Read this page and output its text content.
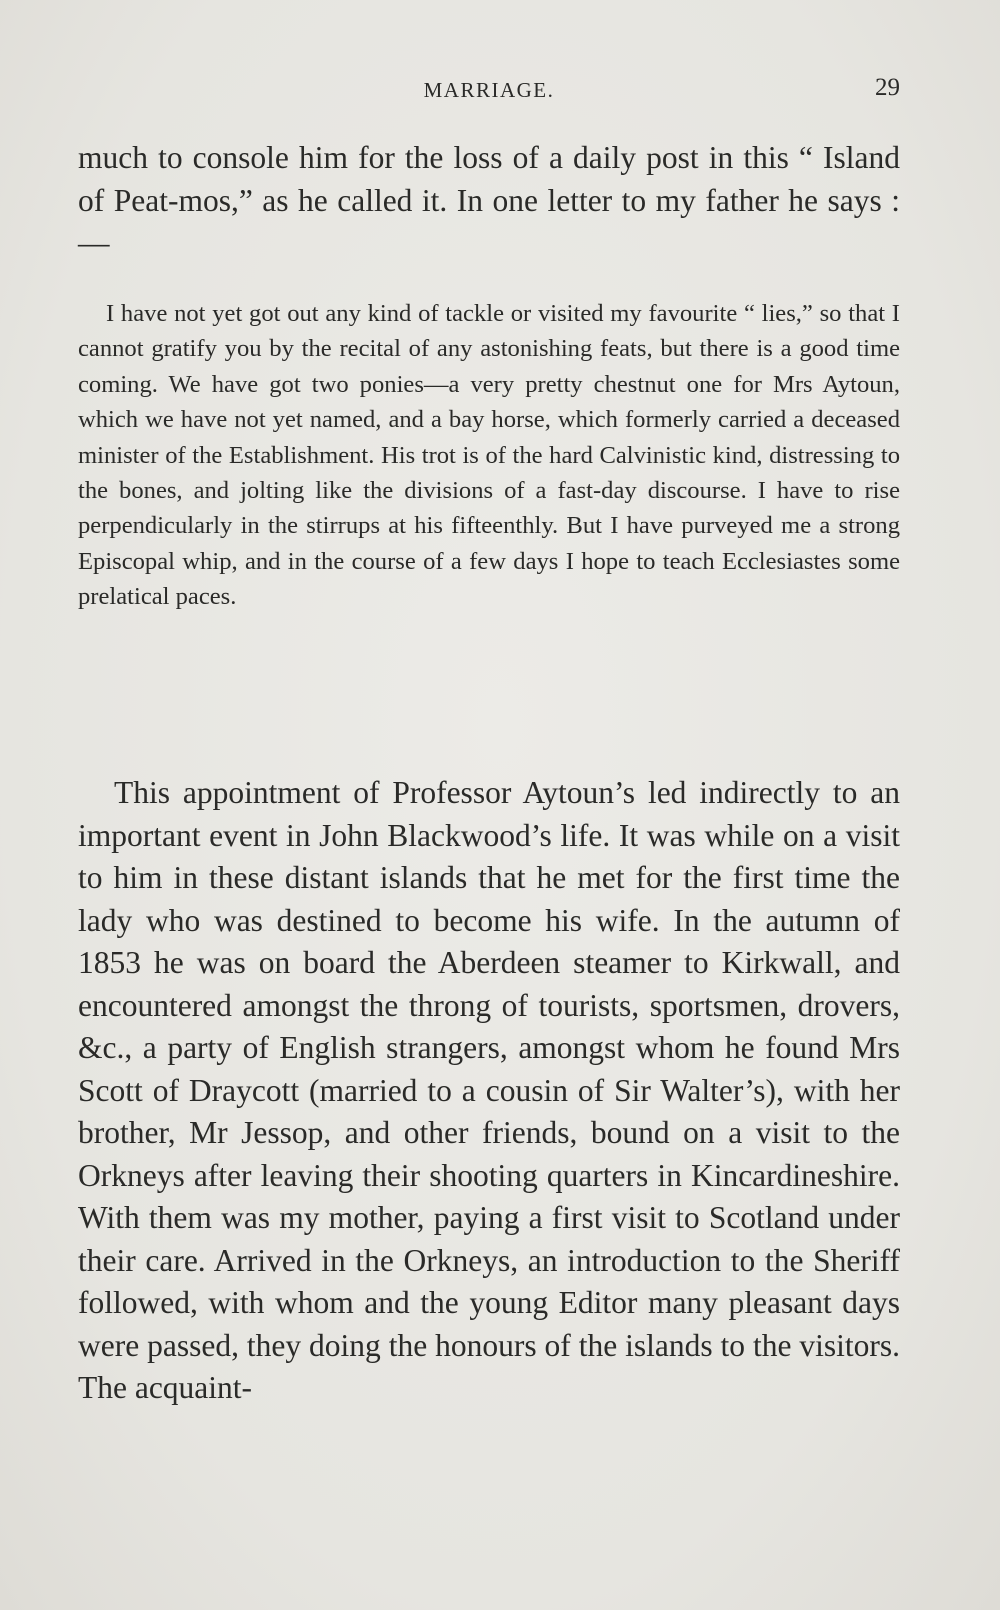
MARRIAGE.	29

much to console him for the loss of a daily post in this “ Island of Peat-mos,” as he called it. In one letter to my father he says :—

I have not yet got out any kind of tackle or visited my favourite “ lies,” so that I cannot gratify you by the recital of any astonishing feats, but there is a good time coming. We have got two ponies—a very pretty chestnut one for Mrs Aytoun, which we have not yet named, and a bay horse, which formerly carried a deceased minister of the Establishment. His trot is of the hard Calvinistic kind, distressing to the bones, and jolting like the divisions of a fast-day discourse. I have to rise perpendicularly in the stirrups at his fifteenthly. But I have purveyed me a strong Episcopal whip, and in the course of a few days I hope to teach Ecclesiastes some prelatical paces.

This appointment of Professor Aytoun’s led indirectly to an important event in John Blackwood’s life. It was while on a visit to him in these distant islands that he met for the first time the lady who was destined to become his wife. In the autumn of 1853 he was on board the Aberdeen steamer to Kirkwall, and encountered amongst the throng of tourists, sportsmen, drovers, &c., a party of English strangers, amongst whom he found Mrs Scott of Draycott (married to a cousin of Sir Walter’s), with her brother, Mr Jessop, and other friends, bound on a visit to the Orkneys after leaving their shooting quarters in Kincardineshire. With them was my mother, paying a first visit to Scotland under their care. Arrived in the Orkneys, an introduction to the Sheriff followed, with whom and the young Editor many pleasant days were passed, they doing the honours of the islands to the visitors. The acquaint-
